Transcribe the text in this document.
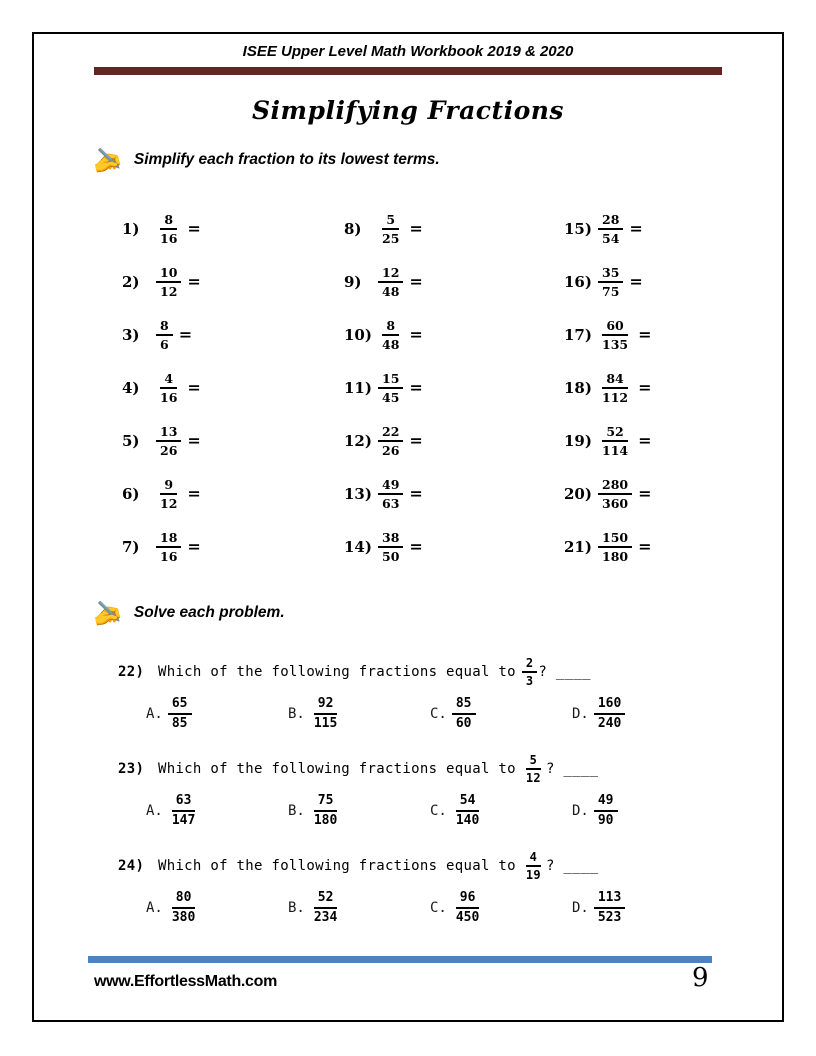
ISEE Upper Level Math Workbook 2019 & 2020
Simplifying Fractions
✍ Simplify each fraction to its lowest terms.
1)	$\frac{8}{16}$ =
2)	$\frac{10}{12}$ =
3)	$\frac{8}{6}$ =
4)	$\frac{4}{16}$ =
5)	$\frac{13}{26}$ =
6)	$\frac{9}{12}$ =
7)	$\frac{18}{16}$ =
8)	$\frac{5}{25}$ =
9)	$\frac{12}{48}$ =
$10) \frac{8}{48}$ =
$11) \frac{15}{45}$ =
$12) \frac{22}{26}$ =
$13) \frac{49}{63}$ =
$14) \frac{38}{50}$ =
$15) \frac{28}{54}$ =
$16) \frac{35}{75}$ =
$17) \frac{60}{135}$ =
$18) \frac{84}{112}$ =
$19) \frac{52}{114}$ =
$20) \frac{280}{360}$ =
$21) \frac{150}{180}$ =
✍ Solve each problem.
22) Which of the following fractions equal to $\frac{2}{3}$ ? ____
A. $\frac{65}{85}$	B. $\frac{92}{115}$	C. $\frac{85}{60}$	D. $\frac{160}{240}$
23) Which of the following fractions equal to $\frac{5}{12}$ ? ____
A. $\frac{63}{147}$	B. $\frac{75}{180}$	C. $\frac{54}{140}$	D. $\frac{49}{90}$
24) Which of the following fractions equal to $\frac{4}{19}$ ? ____
A. $\frac{80}{380}$	B. $\frac{52}{234}$	C. $\frac{96}{450}$	D. $\frac{113}{523}$
www.EffortlessMath.com	9
